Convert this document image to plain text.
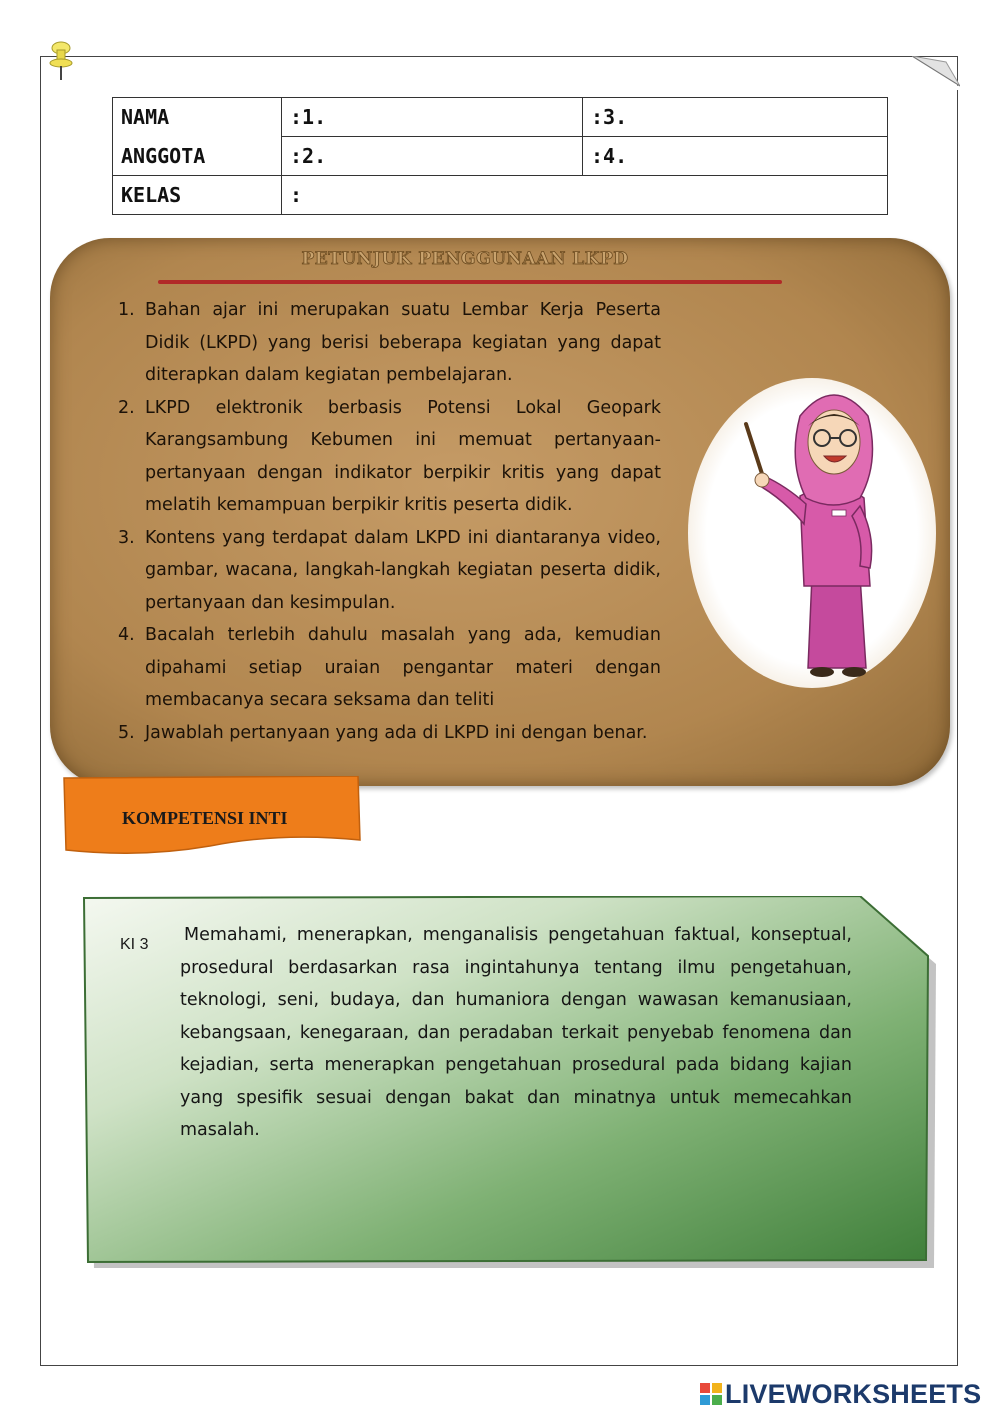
NAMA	:1.	:3.
ANGGOTA	:2.	:4.
KELAS	:	
PETUNJUK PENGGUNAAN LKPD
1. Bahan ajar ini merupakan suatu Lembar Kerja Peserta Didik (LKPD) yang berisi beberapa kegiatan yang dapat diterapkan dalam kegiatan pembelajaran.
2. LKPD elektronik berbasis Potensi Lokal Geopark Karangsambung Kebumen ini memuat pertanyaan-pertanyaan dengan indikator berpikir kritis yang dapat melatih kemampuan berpikir kritis peserta didik.
3. Kontens yang terdapat dalam LKPD ini diantaranya video, gambar, wacana, langkah-langkah kegiatan peserta didik, pertanyaan dan kesimpulan.
4. Bacalah terlebih dahulu masalah yang ada, kemudian dipahami setiap uraian pengantar materi dengan membacanya secara seksama dan teliti
5. Jawablah pertanyaan yang ada di LKPD ini dengan benar.
KOMPETENSI INTI
KI 3 Memahami, menerapkan, menganalisis pengetahuan faktual, konseptual, prosedural berdasarkan rasa ingintahunya tentang ilmu pengetahuan, teknologi, seni, budaya, dan humaniora dengan wawasan kemanusiaan, kebangsaan, kenegaraan, dan peradaban terkait penyebab fenomena dan kejadian, serta menerapkan pengetahuan prosedural pada bidang kajian yang spesifik sesuai dengan bakat dan minatnya untuk memecahkan masalah.

LIVEWORKSHEETS
